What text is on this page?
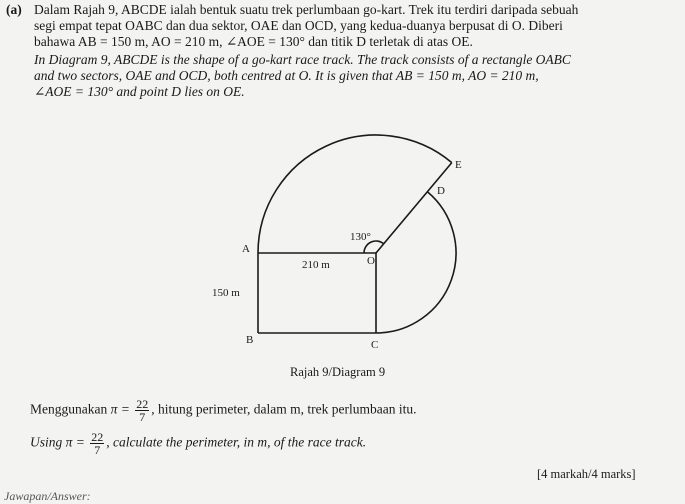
(a) Dalam Rajah 9, ABCDE ialah bentuk suatu trek perlumbaan go-kart. Trek itu terdiri daripada sebuah
segi empat tepat OABC dan dua sektor, OAE dan OCD, yang kedua-duanya berpusat di O. Diberi
bahawa AB = 150 m, AO = 210 m, ∠AOE = 130° dan titik D terletak di atas OE.
In Diagram 9, ABCDE is the shape of a go-kart race track. The track consists of a rectangle OABC
and two sectors, OAE and OCD, both centred at O. It is given that AB = 150 m, AO = 210 m,
∠AOE = 130° and point D lies on OE.
A
B	C
D
E
O
130°
210 m
150 m
Rajah 9/Diagram 9
Menggunakan $\pi = \frac{22}{7}$ , hitung perimeter, dalam m, trek perlumbaan itu.
Using $\pi = \frac{22}{7}$ , calculate the perimeter, in m, of the race track.
[4 markah/4 marks]
Jawapan/Answer:
